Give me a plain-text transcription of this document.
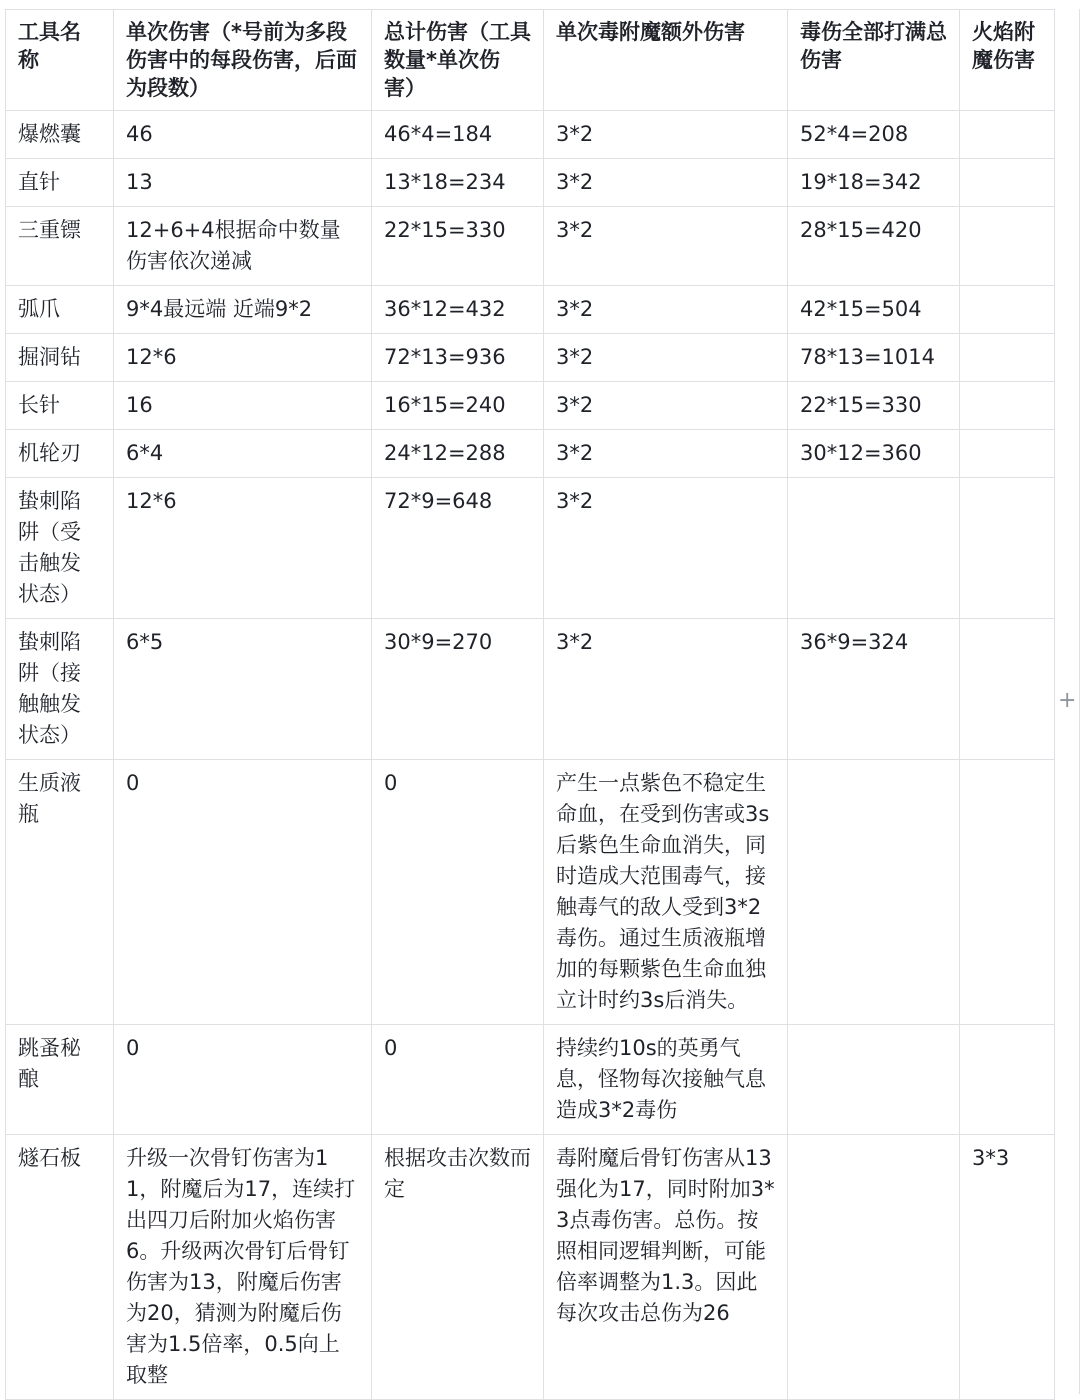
工具名称	单次伤害（*号前为多段伤害中的每段伤害，后面为段数）	总计伤害（工具数量*单次伤害）	单次毒附魔额外伤害	毒伤全部打满总伤害	火焰附魔伤害
爆燃囊	46	46*4=184	3*2	52*4=208	
直针	13	13*18=234	3*2	19*18=342	
三重镖	12+6+4根据命中数量伤害依次递减	22*15=330	3*2	28*15=420	
弧爪	9*4最远端 近端9*2	36*12=432	3*2	42*15=504	
掘洞钻	12*6	72*13=936	3*2	78*13=1014	
长针	16	16*15=240	3*2	22*15=330	
机轮刃	6*4	24*12=288	3*2	30*12=360	
蛰刺陷阱（受击触发状态）	12*6	72*9=648	3*2		
蛰刺陷阱（接触触发状态）	6*5	30*9=270	3*2	36*9=324	
生质液瓶	0	0	产生一点紫色不稳定生命血，在受到伤害或3s后紫色生命血消失，同时造成大范围毒气，接触毒气的敌人受到3*2毒伤。通过生质液瓶增加的每颗紫色生命血独立计时约3s后消失。		
跳蚤秘酿	0	0	持续约10s的英勇气息，怪物每次接触气息造成3*2毒伤		
燧石板	升级一次骨钉伤害为11，附魔后为17，连续打出四刀后附加火焰伤害6。升级两次骨钉后骨钉伤害为13，附魔后伤害为20，猜测为附魔后伤害为1.5倍率，0.5向上取整	根据攻击次数而定	毒附魔后骨钉伤害从13强化为17，同时附加3*3点毒伤害。总伤。按照相同逻辑判断，可能倍率调整为1.3。因此每次攻击总伤为26		3*3
+
